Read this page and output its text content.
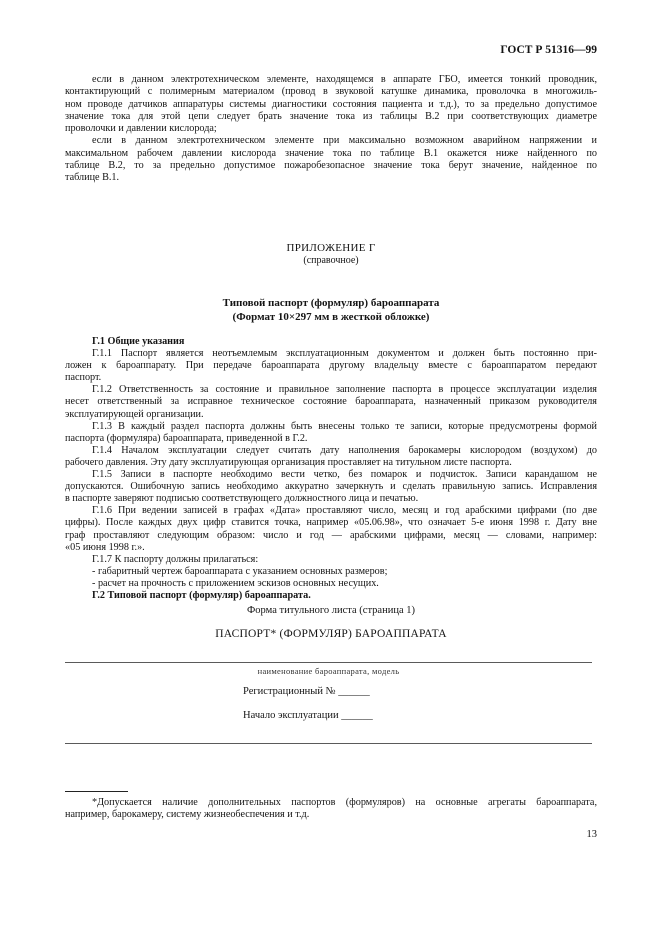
ГОСТ Р 51316—99
если в данном электротехническом элементе, находящемся в аппарате ГБО, имеется тонкий проводник,
контактирующий с полимерным материалом (провод в звуковой катушке динамика, проволочка в многожиль-
ном проводе датчиков аппаратуры системы диагностики состояния пациента и т.д.), то за предельно допустимое
значение тока для этой цепи следует брать значение тока из таблицы В.2 при соответствующих диаметре
проволочки и давлении кислорода;
если в данном электротехническом элементе при максимально возможном аварийном напряжении и
максимальном рабочем давлении кислорода значение тока по таблице В.1 окажется ниже найденного по
таблице В.2, то за предельно допустимое пожаробезопасное значение тока берут значение, найденное по
таблице В.1.
ПРИЛОЖЕНИЕ Г
(справочное)
Типовой паспорт (формуляр) бароаппарата
(Формат 10×297 мм в жесткой обложке)
Г.1 Общие указания
Г.1.1 Паспорт является неотъемлемым эксплуатационным документом и должен быть постоянно при-
ложен к бароаппарату. При передаче бароаппарата другому владельцу вместе с бароаппаратом передают
паспорт.
Г.1.2 Ответственность за состояние и правильное заполнение паспорта в процессе эксплуатации изделия
несет ответственный за исправное техническое состояние бароаппарата, назначенный приказом руководителя
эксплуатирующей организации.
Г.1.3 В каждый раздел паспорта должны быть внесены только те записи, которые предусмотрены формой
паспорта (формуляра) бароаппарата, приведенной в Г.2.
Г.1.4 Началом эксплуатации следует считать дату наполнения барокамеры кислородом (воздухом) до
рабочего давления. Эту дату эксплуатирующая организация проставляет на титульном листе паспорта.
Г.1.5 Записи в паспорте необходимо вести четко, без помарок и подчисток. Записи карандашом не
допускаются. Ошибочную запись необходимо аккуратно зачеркнуть и сделать правильную запись. Исправления
в паспорте заверяют подписью соответствующего должностного лица и печатью.
Г.1.6 При ведении записей в графах «Дата» проставляют число, месяц и год арабскими цифрами (по две
цифры). После каждых двух цифр ставится точка, например «05.06.98», что означает 5-е июня 1998 г. Дату вне
граф проставляют следующим образом: число и год — арабскими цифрами, месяц — словами, например:
«05 июня 1998 г.».
Г.1.7 К паспорту должны прилагаться:
- габаритный чертеж бароаппарата с указанием основных размеров;
- расчет на прочность с приложением эскизов основных несущих.
Г.2 Типовой паспорт (формуляр) бароаппарата.
Форма титульного листа (страница 1)
ПАСПОРТ* (ФОРМУЛЯР) БАРОАППАРАТА
наименование бароаппарата, модель
Регистрационный № ______
Начало эксплуатации ______
*Допускается наличие дополнительных паспортов (формуляров) на основные агрегаты бароаппарата,
например, барокамеру, систему жизнеобеспечения и т.д.
13
